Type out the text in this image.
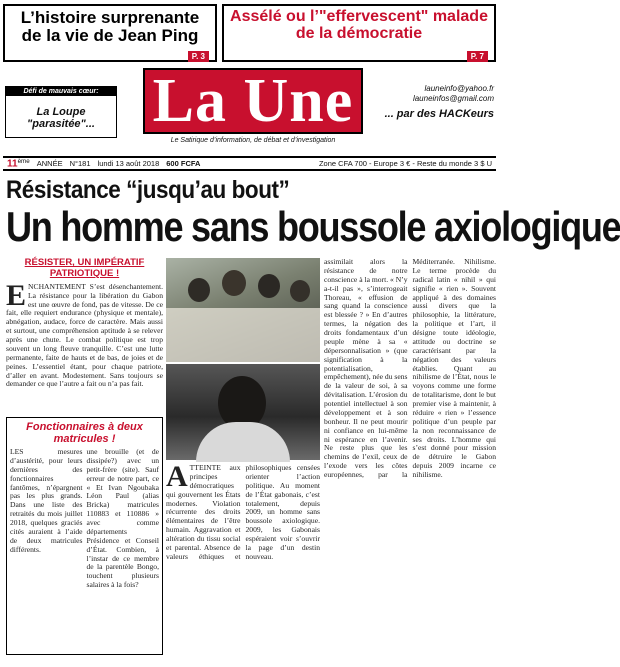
L’histoire surprenante de la vie de Jean Ping
P. 3
Assélé ou l’"effervescent" malade de la démocratie
P. 7
Défi de mauvais cœur:
La Loupe "parasitée"... La Une	launeinfo@yahoo.fr
launeinfos@gmail.com
... par des HACKeurs
Le Satirique d’information, de débat et d’investigation
11ème ANNÉE N°181 lundi 13 août 2018 600 FCFA	Zone CFA 700 - Europe 3 € - Reste du monde 3 $ U
Résistance “jusqu’au bout”
Un homme sans boussole axiologique
RÉSISTER, UN IMPÉRATIF PATRIOTIQUE !
E NCHANTEMENT S’est désenchantement. La résistance pour la libération du Gabon est une œuvre de fond, pas de vitesse. De ce fait, elle requiert endurance (physique et mentale), abnégation, audace, force de caractère. Mais aussi et surtout, une compréhension aptitude à se relever après une chute. Le combat politique est trop souvent un long fleuve tranquille. C’est une lutte permanente, faite de hauts et de bas, de joies et de peines. L’essentiel étant, pour chaque patriote, d’aller en avant. Modestement. Sans toujours se demander ce que l’autre a fait ou n’a pas fait.
Fonctionnaires à deux matricules !
LES mesures d’austérité, pour leurs dernières des fonctionnaires fantômes, n’épargnent pas les plus grands. Dans une liste des retraités du mois juillet 2018, quelques graciés cités auraient à l’aide de deux matricules différents.
une brouille (et de dissipée?) avec un petit-frère (site). Sauf erreur de notre part, ce « Et Ivan Ngoubaka Léon Paul (alias Bricka) matricules 110883 et 110886 » avec comme départements Présidence et Conseil d’État. Combien, à l’instar de ce membre de la parentèle Bongo, touchent plusieurs salaires à la fois?
A TTEINTE aux principes démocratiques qui gouvernent les États modernes. Violation récurrente des droits élémentaires de l’être humain. Aggravation et altération du tissu social et parental. Absence de valeurs éthiques et philosophiques censées orienter l’action politique. Au moment de l’État gabonais, c’est totalement, depuis 2009, un homme sans boussole axiologique. 2009, les Gabonais espéraient voir s’ouvrir la page d’un destin nouveau.
assimilait alors la résistance de notre conscience à la mort. « N’y a-t-il pas », s’interrogeait Thoreau, « effusion de sang quand la conscience est blessée ? » En d’autres termes, la négation des droits fondamentaux d’un peuple mène à sa « dépersonnalisation » (que signification à la potentialisation, empêchement), née du sens de la valeur de soi, à sa dévitalisation. L’érosion du potentiel intellectuel à son développement et à son bonheur. Il ne peut mourir ni confiance en lui-même ni espérance en l’avenir. Ne reste plus que les chemins de l’exil, ceux de l’exode vers les côtes européennes, par la Méditerranée. Nihilisme. Le terme procède du radical latin « nihil » qui signifie « rien ». Souvent appliqué à des domaines aussi divers que la philosophie, la littérature, la politique et l’art, il désigne toute idéologie, attitude ou doctrine se caractérisant par la négation des valeurs établies. Quant au nihilisme de l’État, nous le voyons comme une forme de totalitarisme, dont le but premier vise à maintenir, à réduire « rien » l’essence politique d’un peuple par la non reconnaissance de ses droits. L’homme qui s’est donné pour mission de détruire le Gabon depuis 2009 incarne ce nihilisme.
